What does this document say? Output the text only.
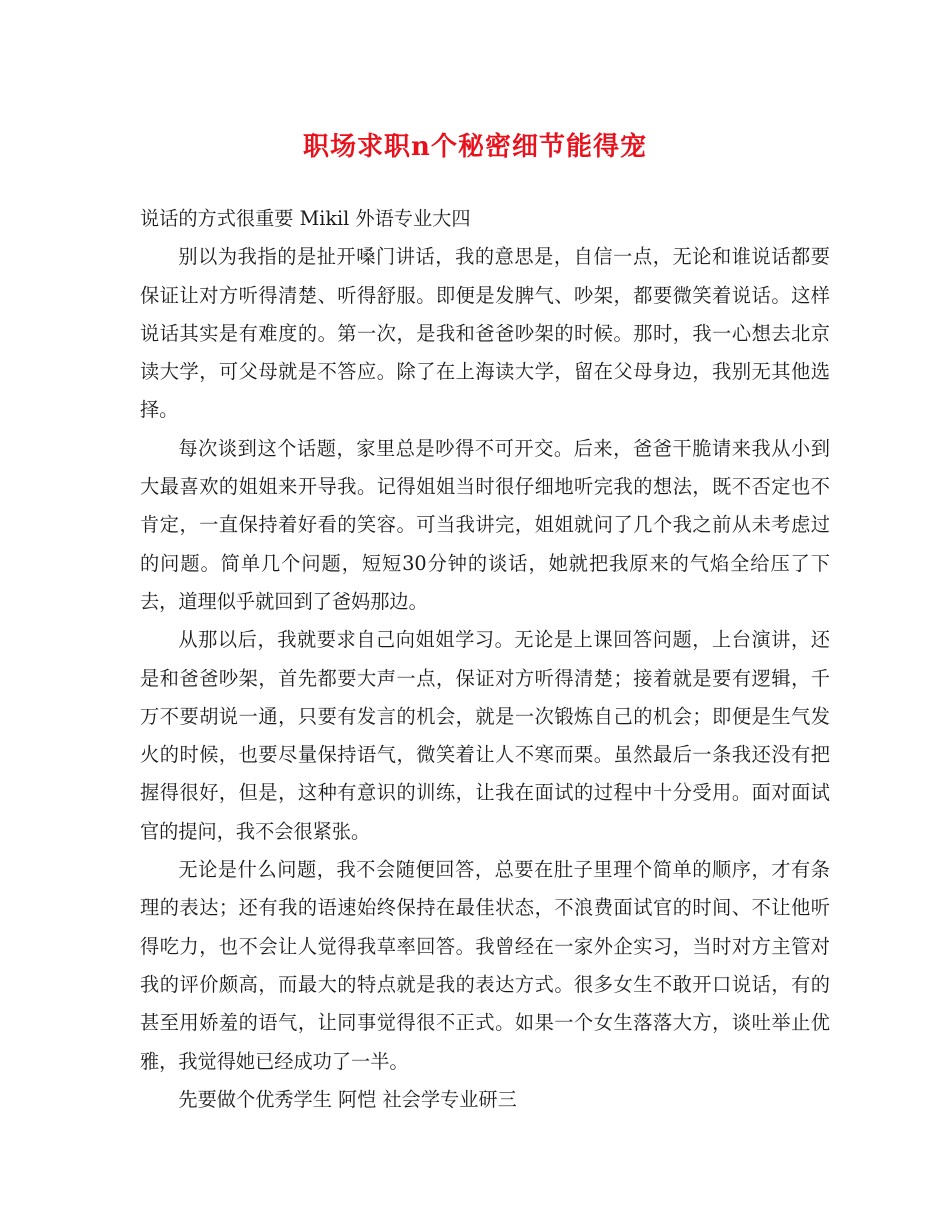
职场求职n个秘密细节能得宠

说话的方式很重要 Mikil 外语专业大四

别以为我指的是扯开嗓门讲话，我的意思是，自信一点，无论和谁说话都要保证让对方听得清楚、听得舒服。即便是发脾气、吵架，都要微笑着说话。这样说话其实是有难度的。第一次，是我和爸爸吵架的时候。那时，我一心想去北京读大学，可父母就是不答应。除了在上海读大学，留在父母身边，我别无其他选择。

每次谈到这个话题，家里总是吵得不可开交。后来，爸爸干脆请来我从小到大最喜欢的姐姐来开导我。记得姐姐当时很仔细地听完我的想法，既不否定也不肯定，一直保持着好看的笑容。可当我讲完，姐姐就问了几个我之前从未考虑过的问题。简单几个问题，短短30分钟的谈话，她就把我原来的气焰全给压了下去，道理似乎就回到了爸妈那边。

从那以后，我就要求自己向姐姐学习。无论是上课回答问题，上台演讲，还是和爸爸吵架，首先都要大声一点，保证对方听得清楚；接着就是要有逻辑，千万不要胡说一通，只要有发言的机会，就是一次锻炼自己的机会；即便是生气发火的时候，也要尽量保持语气，微笑着让人不寒而栗。虽然最后一条我还没有把握得很好，但是，这种有意识的训练，让我在面试的过程中十分受用。面对面试官的提问，我不会很紧张。

无论是什么问题，我不会随便回答，总要在肚子里理个简单的顺序，才有条理的表达；还有我的语速始终保持在最佳状态，不浪费面试官的时间、不让他听得吃力，也不会让人觉得我草率回答。我曾经在一家外企实习，当时对方主管对我的评价颇高，而最大的特点就是我的表达方式。很多女生不敢开口说话，有的甚至用娇羞的语气，让同事觉得很不正式。如果一个女生落落大方，谈吐举止优雅，我觉得她已经成功了一半。

先要做个优秀学生 阿恺 社会学专业研三
